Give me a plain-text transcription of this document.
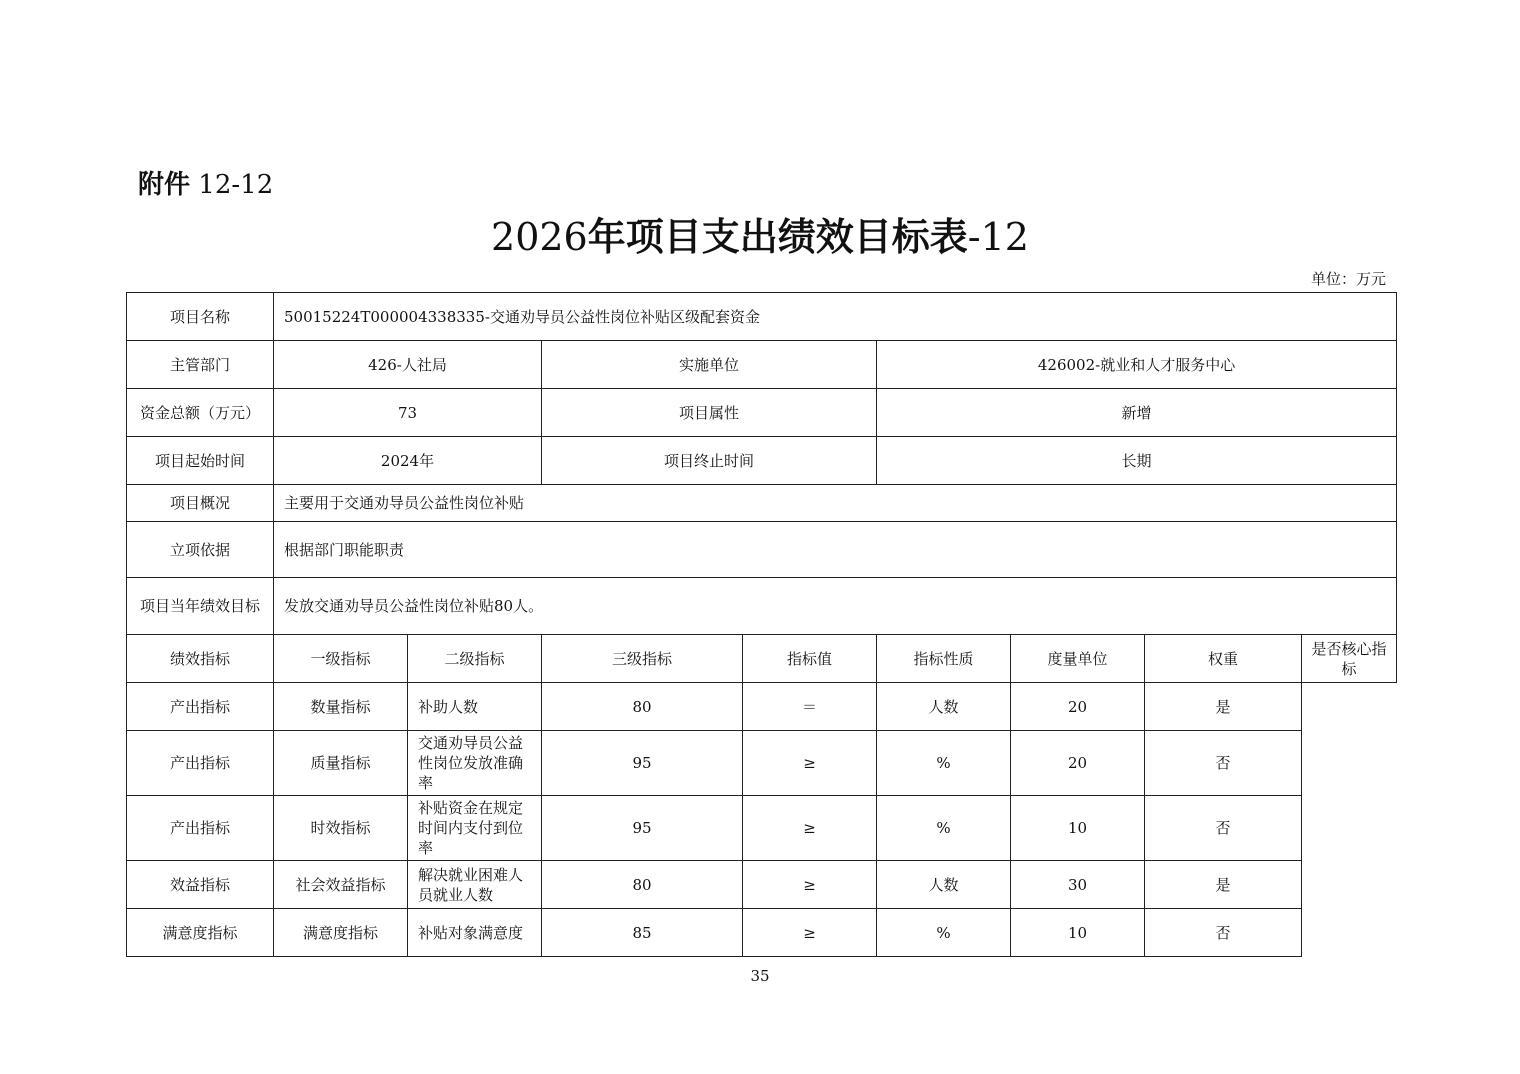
附件 12-12
2026年项目支出绩效目标表-12
单位：万元
项目名称	50015224T000004338335-交通劝导员公益性岗位补贴区级配套资金							
主管部门	426-人社局		实施单位		426002-就业和人才服务中心			
资金总额（万元）	73		项目属性		新增			
项目起始时间	2024年		项目终止时间		长期			
项目概况	主要用于交通劝导员公益性岗位补贴							
立项依据	根据部门职能职责							
项目当年绩效目标	发放交通劝导员公益性岗位补贴80人。							
绩效指标	一级指标	二级指标	三级指标	指标值	指标性质	度量单位	权重	是否核心指标
产出指标	数量指标	补助人数	80	＝	人数	20	是	
产出指标	质量指标	交通劝导员公益性岗位发放准确率	95	≥	%	20	否	
产出指标	时效指标	补贴资金在规定时间内支付到位率	95	≥	%	10	否	
效益指标	社会效益指标	解决就业困难人员就业人数	80	≥	人数	30	是	
满意度指标	满意度指标	补贴对象满意度	85	≥	%	10	否	
35
